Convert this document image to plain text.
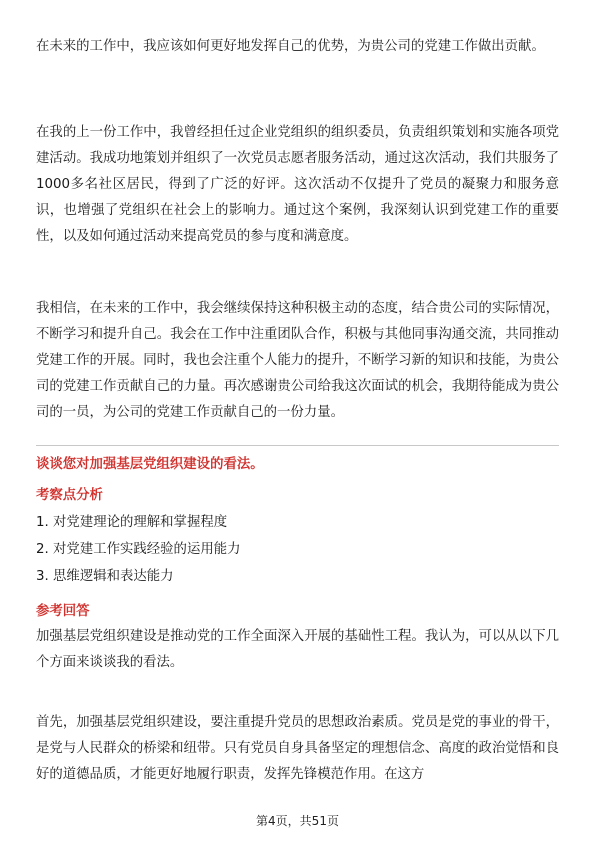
在未来的工作中，我应该如何更好地发挥自己的优势，为贵公司的党建工作做出贡献。

在我的上一份工作中，我曾经担任过企业党组织的组织委员，负责组织策划和实施各项党建活动。我成功地策划并组织了一次党员志愿者服务活动，通过这次活动，我们共服务了1000多名社区居民，得到了广泛的好评。这次活动不仅提升了党员的凝聚力和服务意识，也增强了党组织在社会上的影响力。通过这个案例，我深刻认识到党建工作的重要性，以及如何通过活动来提高党员的参与度和满意度。

我相信，在未来的工作中，我会继续保持这种积极主动的态度，结合贵公司的实际情况，不断学习和提升自己。我会在工作中注重团队合作，积极与其他同事沟通交流，共同推动党建工作的开展。同时，我也会注重个人能力的提升，不断学习新的知识和技能，为贵公司的党建工作贡献自己的力量。再次感谢贵公司给我这次面试的机会，我期待能成为贵公司的一员，为公司的党建工作贡献自己的一份力量。

谈谈您对加强基层党组织建设的看法。

考察点分析

1. 对党建理论的理解和掌握程度

2. 对党建工作实践经验的运用能力

3. 思维逻辑和表达能力

参考回答

加强基层党组织建设是推动党的工作全面深入开展的基础性工程。我认为，可以从以下几个方面来谈谈我的看法。

首先，加强基层党组织建设，要注重提升党员的思想政治素质。党员是党的事业的骨干，是党与人民群众的桥梁和纽带。只有党员自身具备坚定的理想信念、高度的政治觉悟和良好的道德品质，才能更好地履行职责，发挥先锋模范作用。在这方

第4页，共51页
